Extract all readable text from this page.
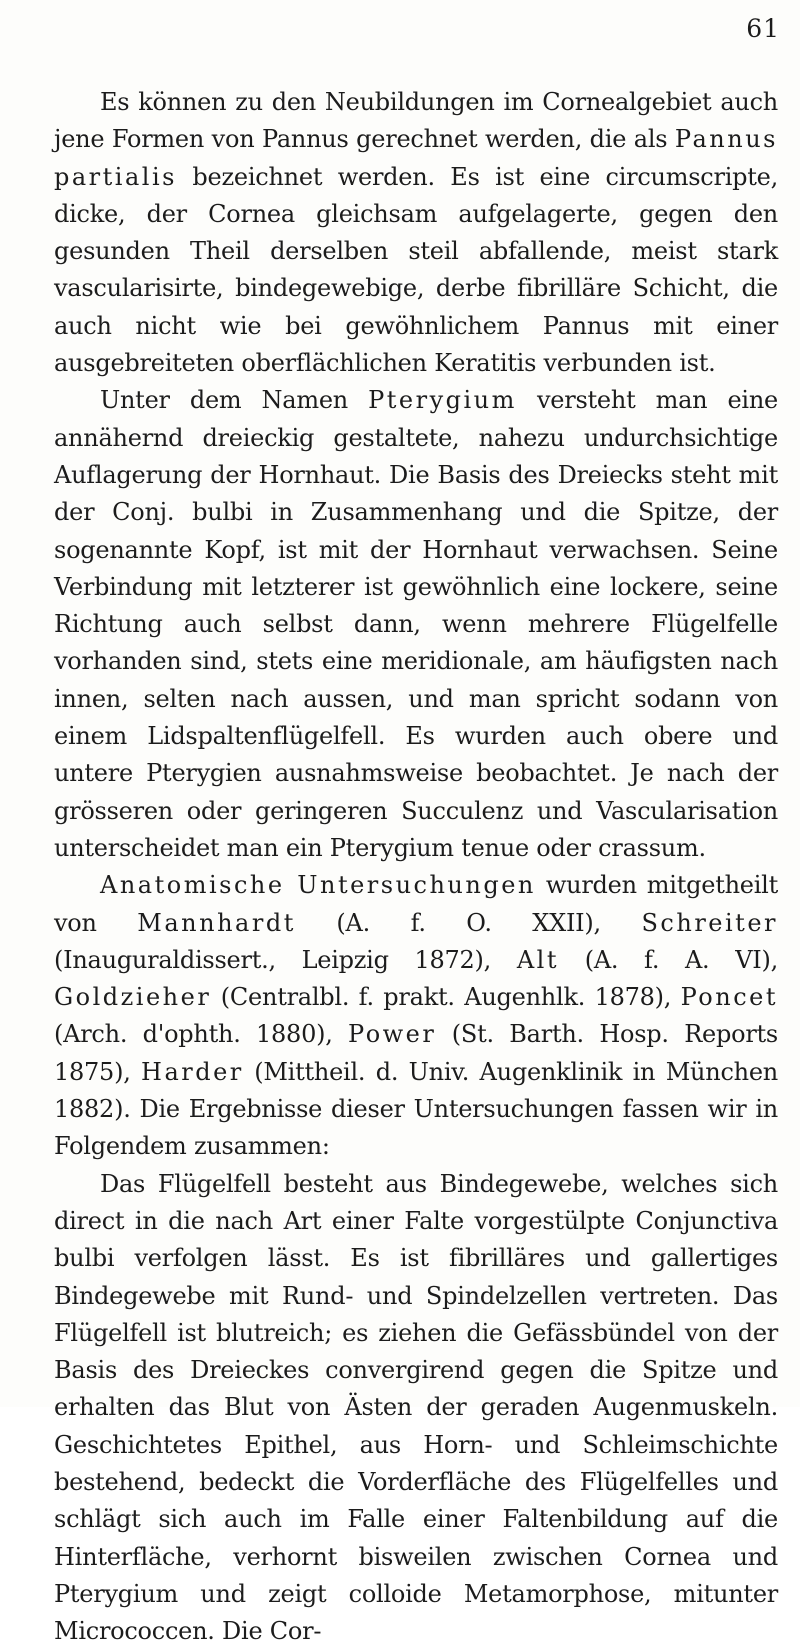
61

Es können zu den Neubildungen im Cornealgebiet auch jene Formen von Pannus gerechnet werden, die als Pannus partialis bezeichnet werden. Es ist eine circumscripte, dicke, der Cornea gleichsam aufgelagerte, gegen den gesunden Theil derselben steil abfallende, meist stark vascularisirte, bindegewebige, derbe fibrilläre Schicht, die auch nicht wie bei gewöhnlichem Pannus mit einer ausgebreiteten oberflächlichen Keratitis verbunden ist.

Unter dem Namen Pterygium versteht man eine annähernd dreieckig gestaltete, nahezu undurchsichtige Auflagerung der Hornhaut. Die Basis des Dreiecks steht mit der Conj. bulbi in Zusammenhang und die Spitze, der sogenannte Kopf, ist mit der Hornhaut verwachsen. Seine Verbindung mit letzterer ist gewöhnlich eine lockere, seine Richtung auch selbst dann, wenn mehrere Flügelfelle vorhanden sind, stets eine meridionale, am häufigsten nach innen, selten nach aussen, und man spricht sodann von einem Lidspaltenflügelfell. Es wurden auch obere und untere Pterygien ausnahmsweise beobachtet. Je nach der grösseren oder geringeren Succulenz und Vascularisation unterscheidet man ein Pterygium tenue oder crassum.

Anatomische Untersuchungen wurden mitgetheilt von Mannhardt (A. f. O. XXII), Schreiter (Inauguraldissert., Leipzig 1872), Alt (A. f. A. VI), Goldzieher (Centralbl. f. prakt. Augenhlk. 1878), Poncet (Arch. d'ophth. 1880), Power (St. Barth. Hosp. Reports 1875), Harder (Mittheil. d. Univ. Augenklinik in München 1882). Die Ergebnisse dieser Untersuchungen fassen wir in Folgendem zusammen:

Das Flügelfell besteht aus Bindegewebe, welches sich direct in die nach Art einer Falte vorgestülpte Conjunctiva bulbi verfolgen lässt. Es ist fibrilläres und gallertiges Bindegewebe mit Rund- und Spindelzellen vertreten. Das Flügelfell ist blutreich; es ziehen die Gefässbündel von der Basis des Dreieckes convergirend gegen die Spitze und erhalten das Blut von Ästen der geraden Augenmuskeln. Geschichtetes Epithel, aus Horn- und Schleimschichte bestehend, bedeckt die Vorderfläche des Flügelfelles und schlägt sich auch im Falle einer Faltenbildung auf die Hinterfläche, verhornt bisweilen zwischen Cornea und Pterygium und zeigt colloide Metamorphose, mitunter Micrococcen. Die Cor-
